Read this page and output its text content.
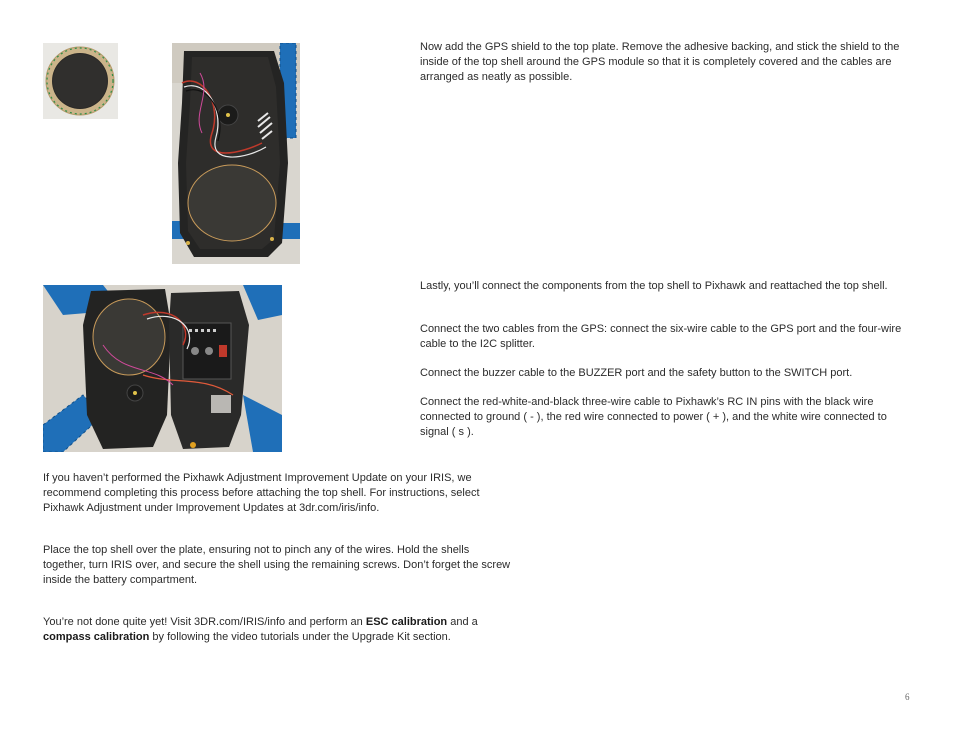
Now add the GPS shield to the top plate. Remove the adhesive backing, and stick the shield to the inside of the top shell around the GPS module so that it is completely covered and the cables are arranged as neatly as possible.

Lastly, you’ll connect the components from the top shell to Pixhawk and reattached the top shell.

Connect the two cables from the GPS: connect the six-wire cable to the GPS port and the four-wire cable to the I2C splitter.

Connect the buzzer cable to the BUZZER port and the safety button to the SWITCH port.

Connect the red-white-and-black three-wire cable to Pixhawk’s RC IN pins with the black wire connected to ground ( - ), the red wire connected to power ( + ), and the white wire connected to signal ( s ).

If you haven’t performed the Pixhawk Adjustment Improvement Update on your IRIS, we recommend completing this process before attaching the top shell. For instructions, select Pixhawk Adjustment under Improvement Updates at 3dr.com/iris/info.

Place the top shell over the plate, ensuring not to pinch any of the wires. Hold the shells together, turn IRIS over, and secure the shell using the remaining screws. Don’t forget the screw inside the battery compartment.

You’re not done quite yet! Visit 3DR.com/IRIS/info and perform an ESC calibration and a compass calibration by following the video tutorials under the Upgrade Kit section.

6
